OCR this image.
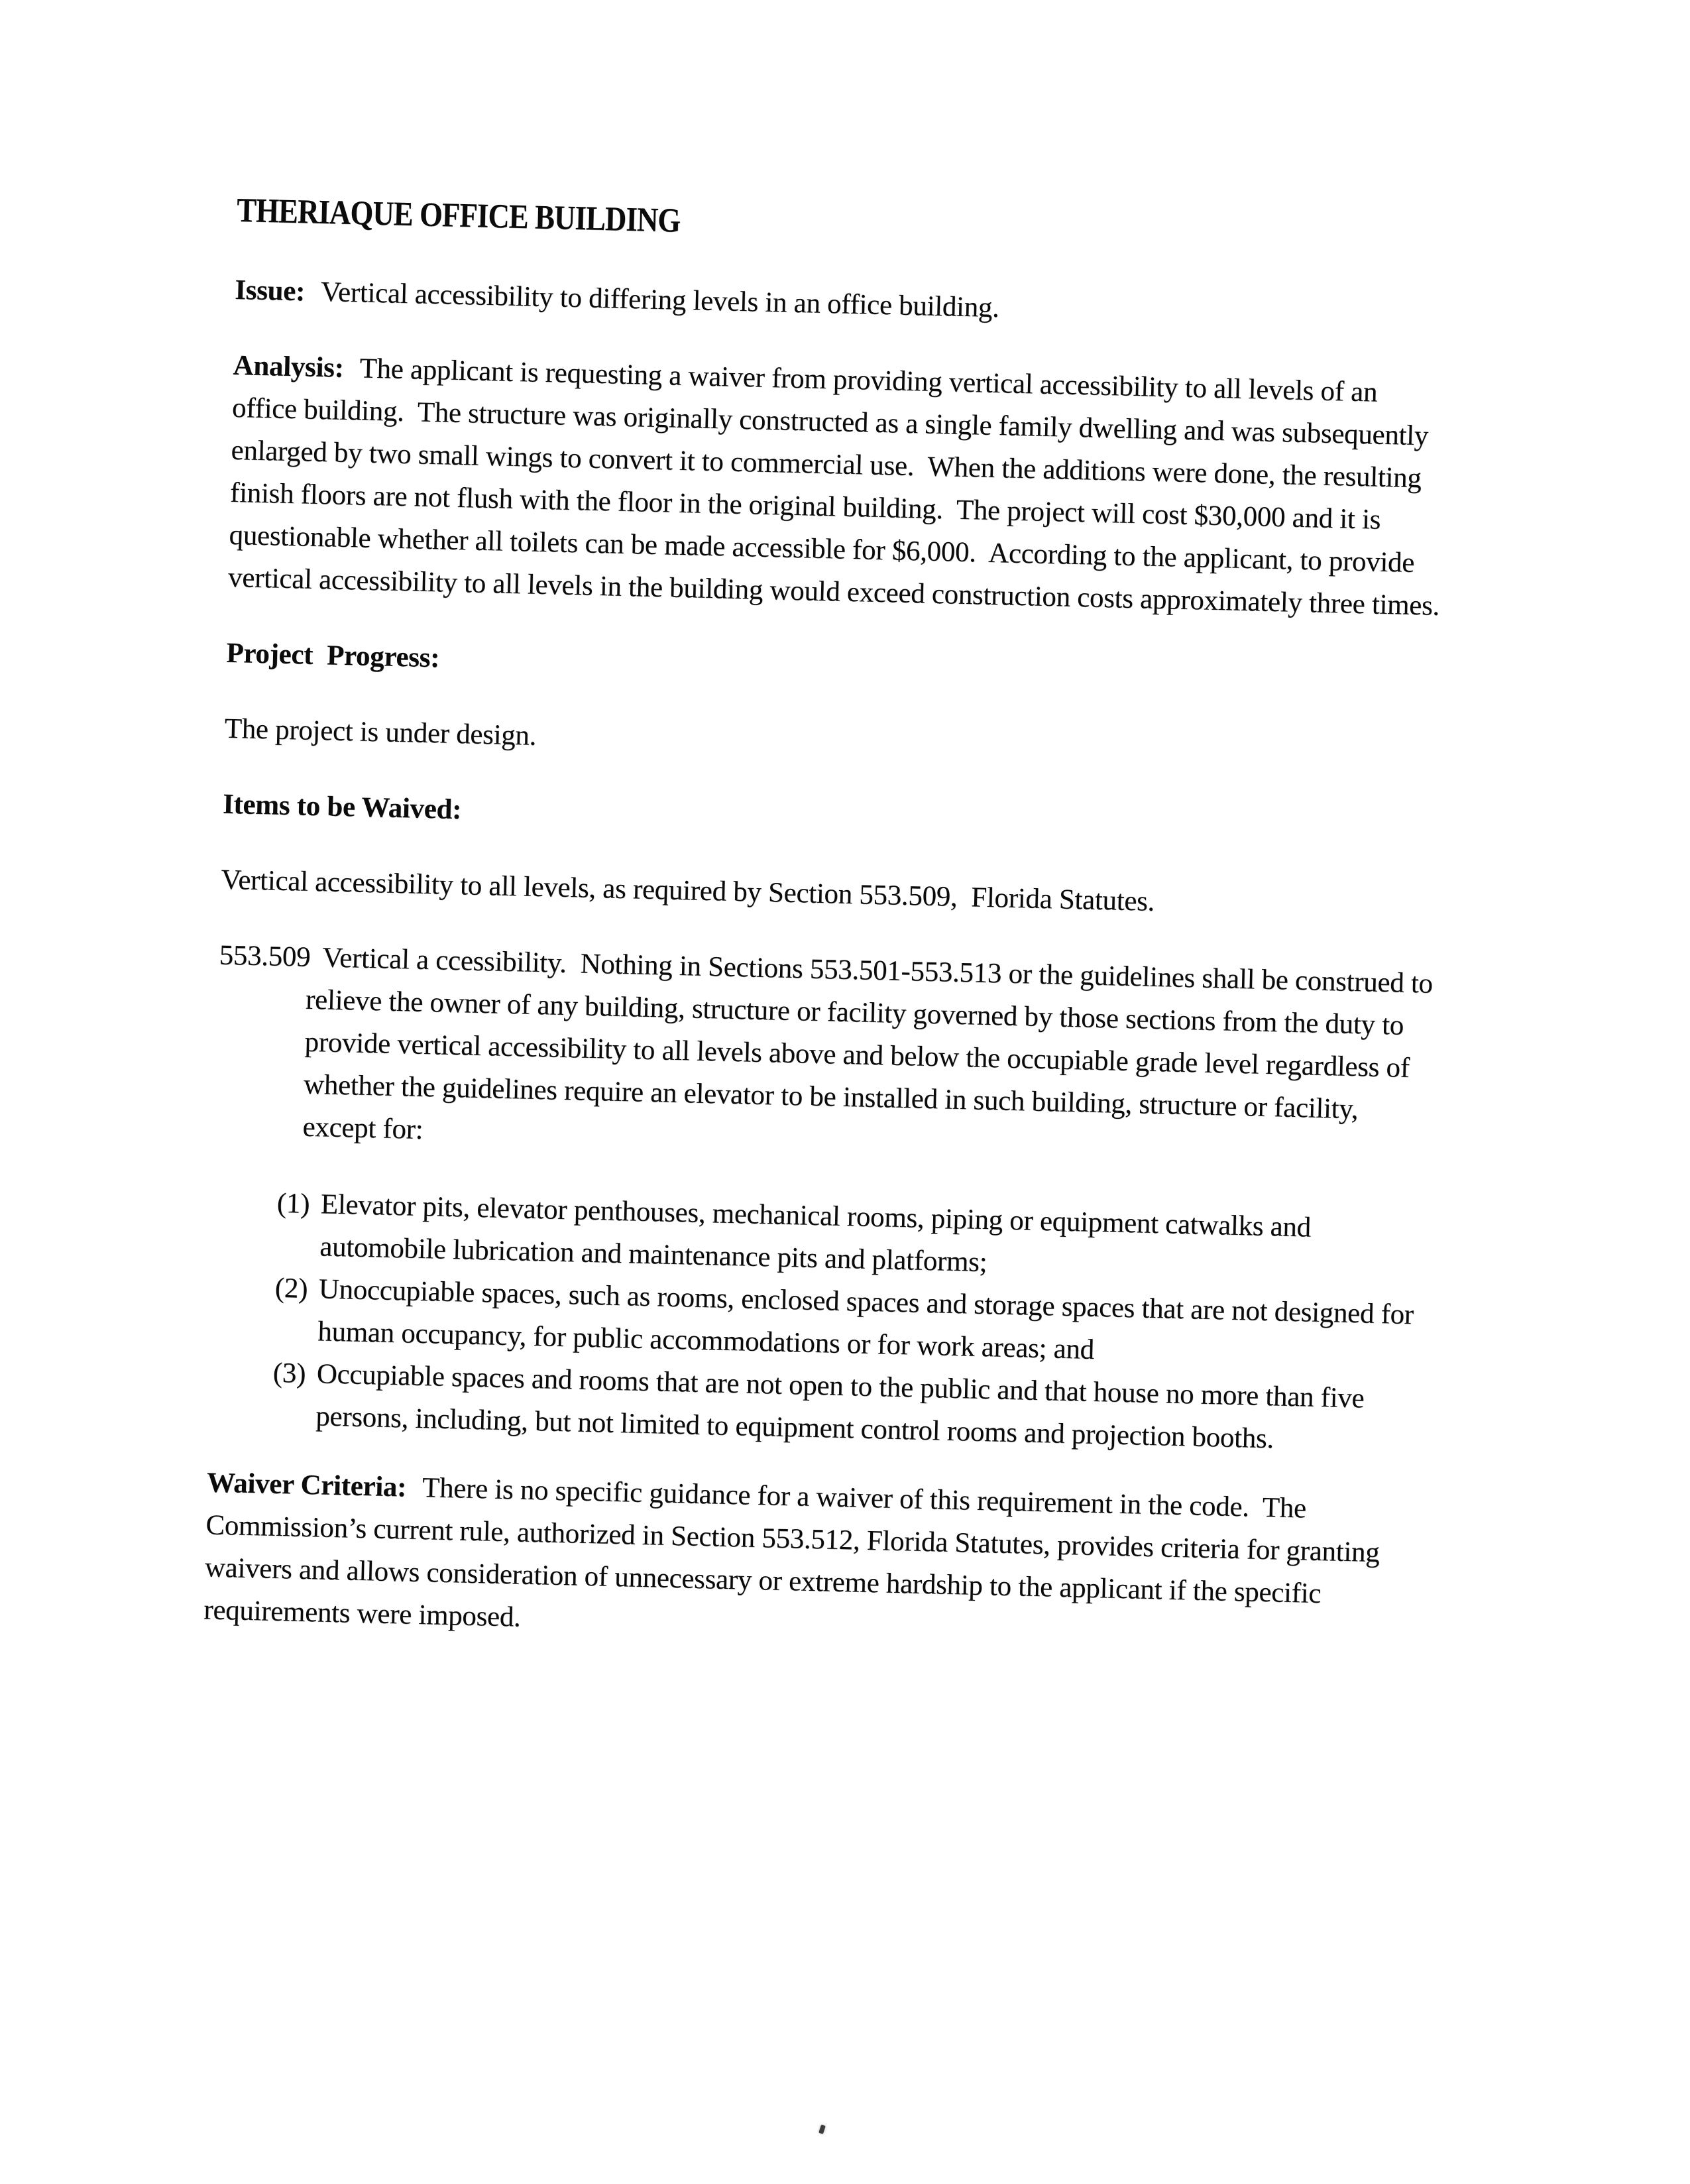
THERIAQUE OFFICE BUILDING

Issue: Vertical accessibility to differing levels in an office building.

Analysis: The applicant is requesting a waiver from providing vertical accessibility to all levels of an office building.  The structure was originally constructed as a single family dwelling and was subsequently enlarged by two small wings to convert it to commercial use.  When the additions were done, the resulting finish floors are not flush with the floor in the original building.  The project will cost $30,000 and it is questionable whether all toilets can be made accessible for $6,000.  According to the applicant, to provide vertical accessibility to all levels in the building would exceed construction costs approximately three times.

Project  Progress:

The project is under design.

Items to be Waived:

Vertical accessibility to all levels, as required by Section 553.509,  Florida Statutes.

553.509 Vertical a ccessibility.  Nothing in Sections 553.501-553.513 or the guidelines shall be construed to relieve the owner of any building, structure or facility governed by those sections from the duty to provide vertical accessibility to all levels above and below the occupiable grade level regardless of whether the guidelines require an elevator to be installed in such building, structure or facility, except for:

(1) Elevator pits, elevator penthouses, mechanical rooms, piping or equipment catwalks and automobile lubrication and maintenance pits and platforms;
(2) Unoccupiable spaces, such as rooms, enclosed spaces and storage spaces that are not designed for human occupancy, for public accommodations or for work areas; and
(3) Occupiable spaces and rooms that are not open to the public and that house no more than five persons, including, but not limited to equipment control rooms and projection booths.

Waiver Criteria: There is no specific guidance for a waiver of this requirement in the code.  The Commission’s current rule, authorized in Section 553.512, Florida Statutes, provides criteria for granting waivers and allows consideration of unnecessary or extreme hardship to the applicant if the specific requirements were imposed.
